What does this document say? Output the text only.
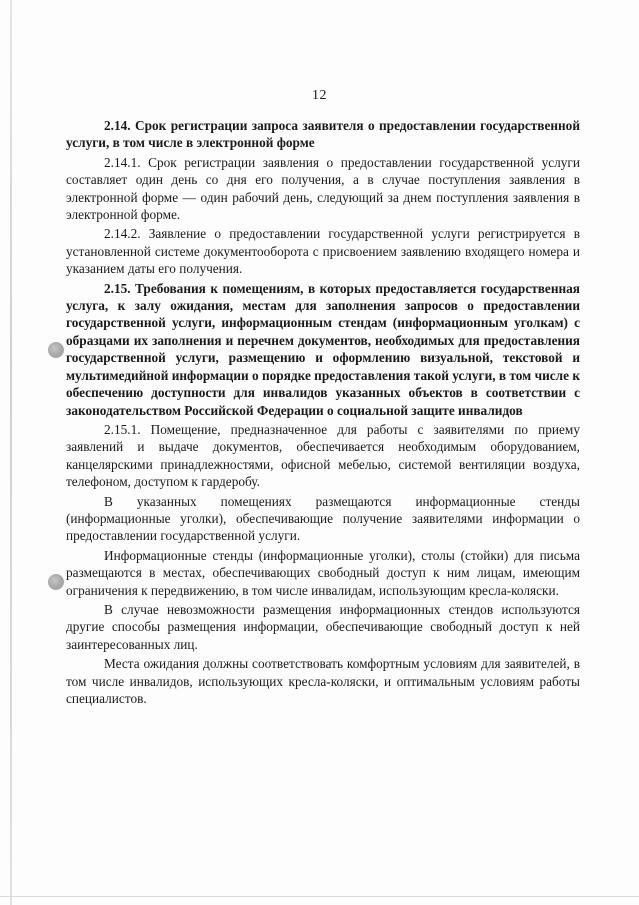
12

2.14. Срок регистрации запроса заявителя о предоставлении государственной услуги, в том числе в электронной форме

2.14.1. Срок регистрации заявления о предоставлении государственной услуги составляет один день со дня его получения, а в случае поступления заявления в электронной форме — один рабочий день, следующий за днем поступления заявления в электронной форме.

2.14.2. Заявление о предоставлении государственной услуги регистрируется в установленной системе документооборота с присвоением заявлению входящего номера и указанием даты его получения.

2.15. Требования к помещениям, в которых предоставляется государственная услуга, к залу ожидания, местам для заполнения запросов о предоставлении государственной услуги, информационным стендам (информационным уголкам) с образцами их заполнения и перечнем документов, необходимых для предоставления государственной услуги, размещению и оформлению визуальной, текстовой и мультимедийной информации о порядке предоставления такой услуги, в том числе к обеспечению доступности для инвалидов указанных объектов в соответствии с законодательством Российской Федерации о социальной защите инвалидов

2.15.1. Помещение, предназначенное для работы с заявителями по приему заявлений и выдаче документов, обеспечивается необходимым оборудованием, канцелярскими принадлежностями, офисной мебелью, системой вентиляции воздуха, телефоном, доступом к гардеробу.

В указанных помещениях размещаются информационные стенды (информационные уголки), обеспечивающие получение заявителями информации о предоставлении государственной услуги.

Информационные стенды (информационные уголки), столы (стойки) для письма размещаются в местах, обеспечивающих свободный доступ к ним лицам, имеющим ограничения к передвижению, в том числе инвалидам, использующим кресла-коляски.

В случае невозможности размещения информационных стендов используются другие способы размещения информации, обеспечивающие свободный доступ к ней заинтересованных лиц.

Места ожидания должны соответствовать комфортным условиям для заявителей, в том числе инвалидов, использующих кресла-коляски, и оптимальным условиям работы специалистов.
